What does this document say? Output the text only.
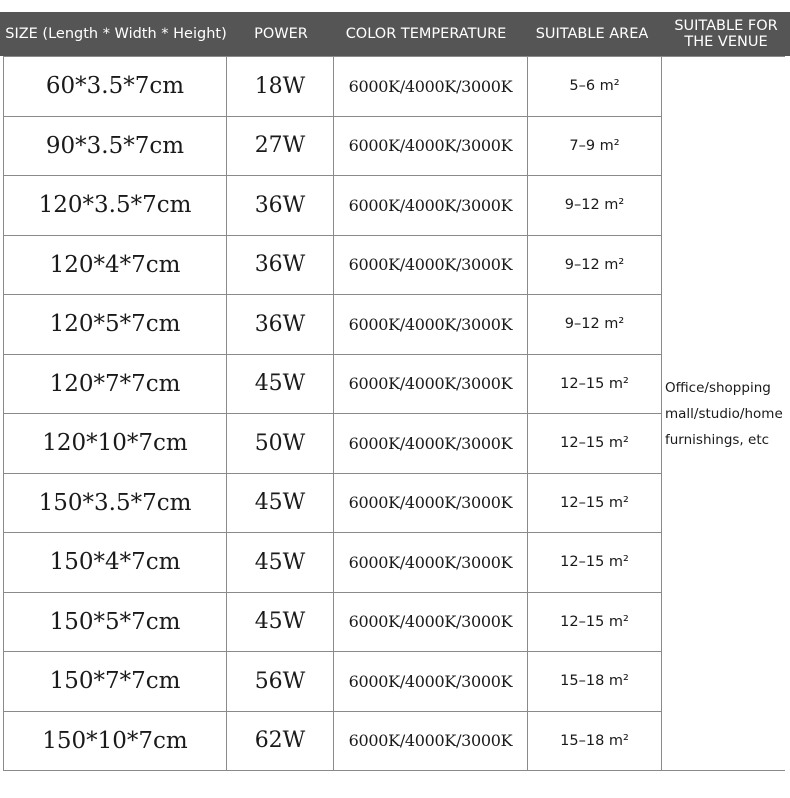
SIZE (Length * Width * Height)	POWER	COLOR TEMPERATURE	SUITABLE AREA	SUITABLE FOR
THE VENUE
60*3.5*7cm	18W	6000K/4000K/3000K	5–6 m²	Office/shopping
mall/studio/home
furnishings, etc
90*3.5*7cm	27W	6000K/4000K/3000K	7–9 m²	
120*3.5*7cm	36W	6000K/4000K/3000K	9–12 m²	
120*4*7cm	36W	6000K/4000K/3000K	9–12 m²	
120*5*7cm	36W	6000K/4000K/3000K	9–12 m²	
120*7*7cm	45W	6000K/4000K/3000K	12–15 m²	
120*10*7cm	50W	6000K/4000K/3000K	12–15 m²	
150*3.5*7cm	45W	6000K/4000K/3000K	12–15 m²	
150*4*7cm	45W	6000K/4000K/3000K	12–15 m²	
150*5*7cm	45W	6000K/4000K/3000K	12–15 m²	
150*7*7cm	56W	6000K/4000K/3000K	15–18 m²	
150*10*7cm	62W	6000K/4000K/3000K	15–18 m²	
